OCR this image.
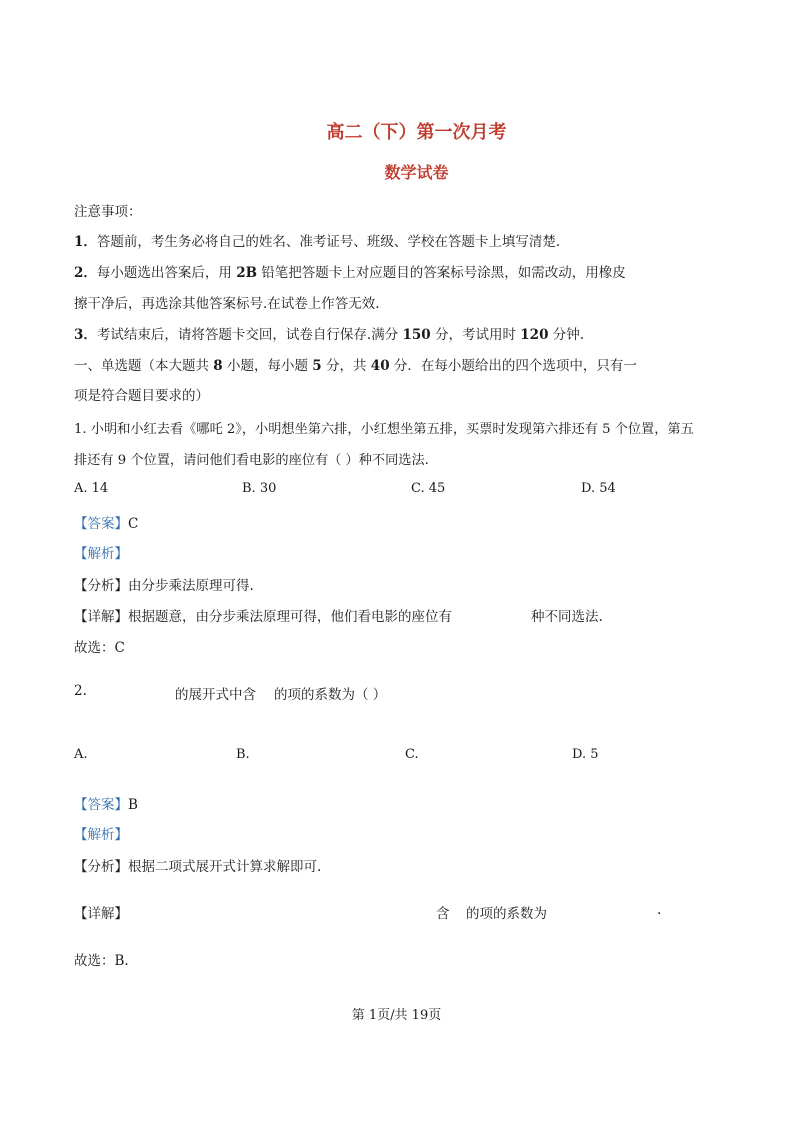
高二（下）第一次月考
数学试卷
注意事项：
1．答题前，考生务必将自己的姓名、准考证号、班级、学校在答题卡上填写清楚.
2．每小题选出答案后，用 2B 铅笔把答题卡上对应题目的答案标号涂黑，如需改动，用橡皮
擦干净后，再选涂其他答案标号.在试卷上作答无效.
3．考试结束后，请将答题卡交回，试卷自行保存.满分 150 分，考试用时 120 分钟.
一、单选题（本大题共 8 小题，每小题 5 分，共 40 分．在每小题给出的四个选项中，只有一
项是符合题目要求的）
1. 小明和小红去看《哪吒 2》，小明想坐第六排，小红想坐第五排，买票时发现第六排还有 5 个位置，第五
排还有 9 个位置，请问他们看电影的座位有（ ）种不同选法.
A. 14	B. 30	C. 45	D. 54
【答案】C
【解析】
【分析】由分步乘法原理可得.
【详解】根据题意，由分步乘法原理可得，他们看电影的座位有	种不同选法.
故选：C
2.	的展开式中含 的项的系数为（ ）
A.	B.	C.	D. 5
【答案】B
【解析】
【分析】根据二项式展开式计算求解即可.
【详解】	含 的项的系数为	.
故选：B.
第 1页/共 19页
